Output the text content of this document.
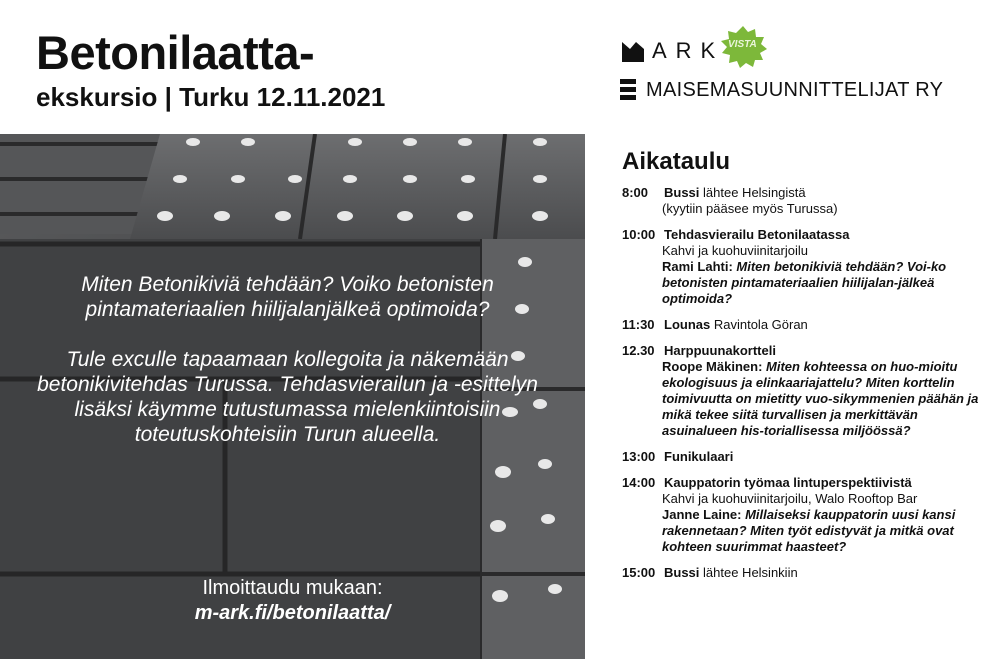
Betonilaatta-
ekskursio | Turku 12.11.2021
ARK VISTA
MAISEMASUUNNITTELIJAT RY

Miten Betonikiviä tehdään? Voiko betonisten pintamateriaalien hiilijalanjälkeä optimoida?

Tule exculle tapaamaan kollegoita ja näkemään betonikivitehdas Turussa. Tehdasvierailun ja -esittelyn lisäksi käymme tutustumassa mielenkiintoisiin toteutuskohteisiin Turun alueella.

Ilmoittaudu mukaan:
m-ark.fi/betonilaatta/
Aikataulu
8:00	Bussi lähtee Helsingistä
(kyytiin pääsee myös Turussa)
10:00 Tehdasvierailu Betonilaatassa
Kahvi ja kuohuviinitarjoilu
Rami Lahti: Miten betonikiviä tehdään? Voi-ko betonisten pintamateriaalien hiilijalan-jälkeä optimoida?
11:30 Lounas Ravintola Göran
12.30 Harppuunakortteli
Roope Mäkinen: Miten kohteessa on huo-mioitu ekologisuus ja elinkaariajattelu? Miten korttelin toimivuutta on mietitty vuo-sikymmenien päähän ja mikä tekee siitä turvallisen ja merkittävän asuinalueen his-toriallisessa miljöössä?
13:00 Funikulaari
14:00 Kauppatorin työmaa lintuperspektiivistä
Kahvi ja kuohuviinitarjoilu, Walo Rooftop Bar
Janne Laine: Millaiseksi kauppatorin uusi kansi rakennetaan? Miten työt edistyvät ja mitkä ovat kohteen suurimmat haasteet?
15:00 Bussi lähtee Helsinkiin
